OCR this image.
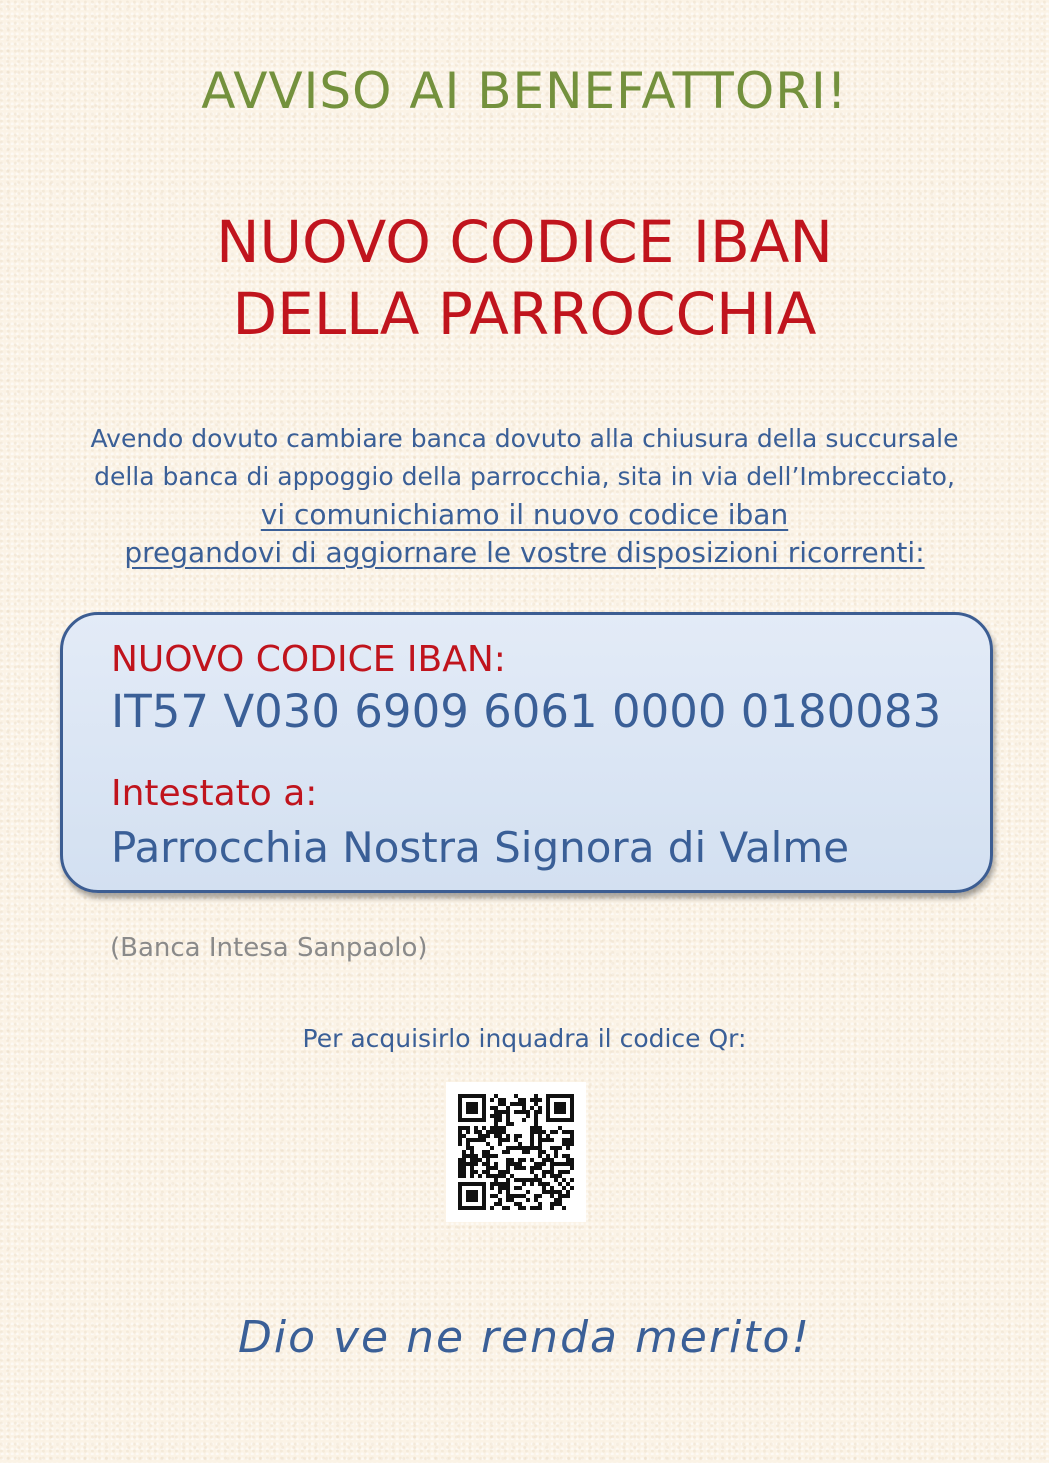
AVVISO AI BENEFATTORI!
NUOVO CODICE IBAN
DELLA PARROCCHIA
Avendo dovuto cambiare banca dovuto alla chiusura della succursale
della banca di appoggio della parrocchia, sita in via dell’Imbrecciato,
vi comunichiamo il nuovo codice iban
pregandovi di aggiornare le vostre disposizioni ricorrenti:
NUOVO CODICE IBAN:
IT57 V030 6909 6061 0000 0180083
Intestato a:
Parrocchia Nostra Signora di Valme
(Banca Intesa Sanpaolo)
Per acquisirlo inquadra il codice Qr:
Dio ve ne renda merito!
